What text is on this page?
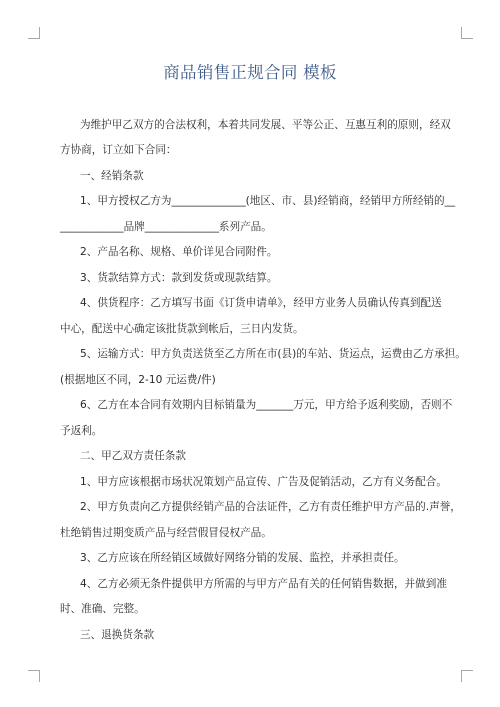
商品销售正规合同 模板
为维护甲乙双方的合法权利，本着共同发展、平等公正、互惠互利的原则，经双
方协商，订立如下合同：
一、经销条款
1、甲方授权乙方为______________(地区、市、县)经销商，经销甲方所经销的__
____________品牌______________系列产品。
2、产品名称、规格、单价详见合同附件。
3、货款结算方式：款到发货或现款结算。
4、供货程序：乙方填写书面《订货申请单》，经甲方业务人员确认传真到配送
中心，配送中心确定该批货款到帐后，三日内发货。
5、运输方式：甲方负责送货至乙方所在市(县)的车站、货运点，运费由乙方承担。
(根据地区不同，2-10 元运费/件)
6、乙方在本合同有效期内目标销量为_______万元，甲方给予返利奖励，否则不
予返利。
二、甲乙双方责任条款
1、甲方应该根据市场状况策划产品宣传、广告及促销活动，乙方有义务配合。
2、甲方负责向乙方提供经销产品的合法证件，乙方有责任维护甲方产品的.声誉，
杜绝销售过期变质产品与经营假冒侵权产品。
3、乙方应该在所经销区域做好网络分销的发展、监控，并承担责任。
4、乙方必须无条件提供甲方所需的与甲方产品有关的任何销售数据，并做到准
时、准确、完整。
三、退换货条款
